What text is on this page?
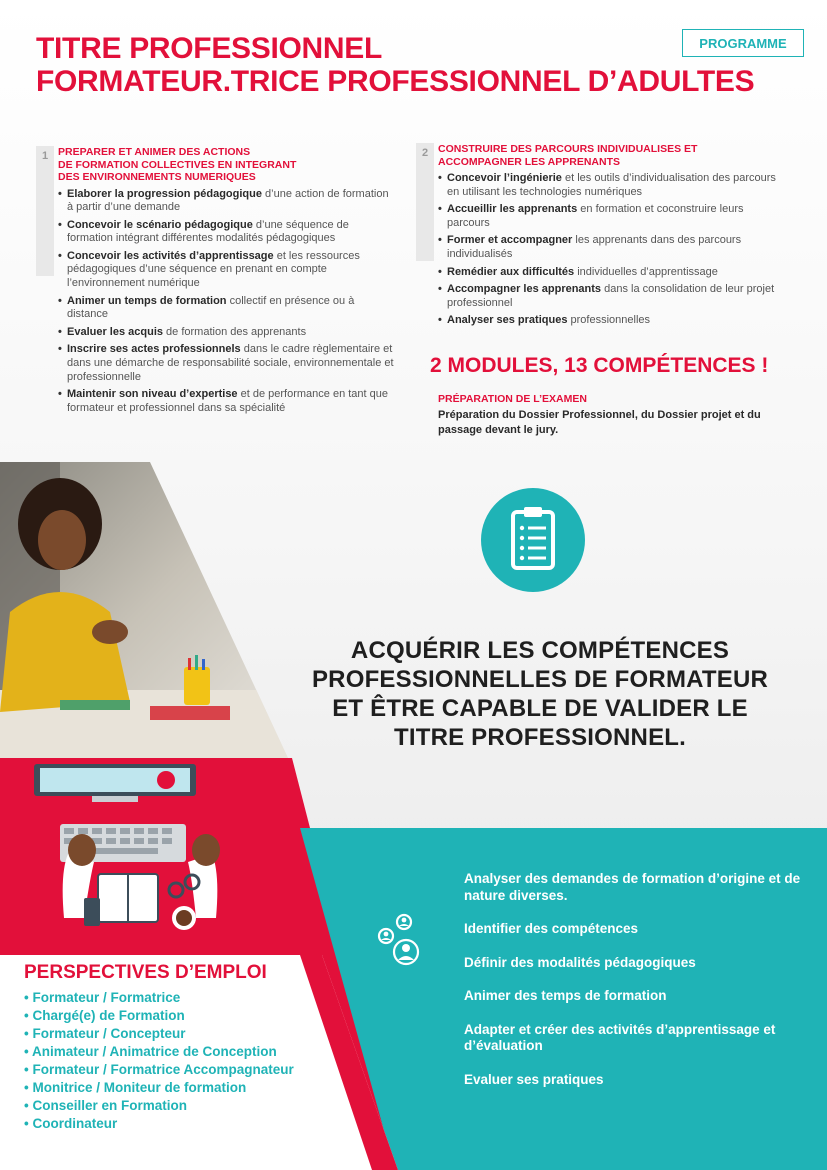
TITRE PROFESSIONNEL
FORMATEUR.TRICE PROFESSIONNEL D’ADULTES
PROGRAMME
1 PREPARER ET ANIMER DES ACTIONS
DE FORMATION COLLECTIVES EN INTEGRANT
DES ENVIRONNEMENTS NUMERIQUES
• Elaborer la progression pédagogique d’une action de formation à partir d’une demande
• Concevoir le scénario pédagogique d’une séquence de formation intégrant différentes modalités pédagogiques
• Concevoir les activités d’apprentissage et les ressources pédagogiques d’une séquence en prenant en compte l’environnement numérique
• Animer un temps de formation collectif en présence ou à distance
• Evaluer les acquis de formation des apprenants
• Inscrire ses actes professionnels dans le cadre règlementaire et dans une démarche de responsabilité sociale, environnementale et professionnelle
• Maintenir son niveau d’expertise et de performance en tant que formateur et professionnel dans sa spécialité
2 CONSTRUIRE DES PARCOURS INDIVIDUALISES ET
ACCOMPAGNER LES APPRENANTS
• Concevoir l’ingénierie et les outils d’individualisation des parcours en utilisant les technologies numériques
• Accueillir les apprenants en formation et coconstruire leurs parcours
• Former et accompagner les apprenants dans des parcours individualisés
• Remédier aux difficultés individuelles d’apprentissage
• Accompagner les apprenants dans la consolidation de leur projet professionnel
• Analyser ses pratiques professionnelles
2 MODULES, 13 COMPÉTENCES !
PRÉPARATION DE L’EXAMEN
Préparation du Dossier Professionnel, du Dossier projet et du passage devant le jury.
ACQUÉRIR LES COMPÉTENCES
PROFESSIONNELLES DE FORMATEUR
ET ÊTRE CAPABLE DE VALIDER LE
TITRE PROFESSIONNEL.
Analyser des demandes de formation d’origine et de nature diverses.
Identifier des compétences
Définir des modalités pédagogiques
Animer des temps de formation
Adapter et créer des activités d’apprentissage et d’évaluation
Evaluer ses pratiques
PERSPECTIVES D’EMPLOI
• Formateur / Formatrice
• Chargé(e) de Formation
• Formateur / Concepteur
• Animateur / Animatrice de Conception
• Formateur / Formatrice Accompagnateur
• Monitrice / Moniteur de formation
• Conseiller en Formation
• Coordinateur
